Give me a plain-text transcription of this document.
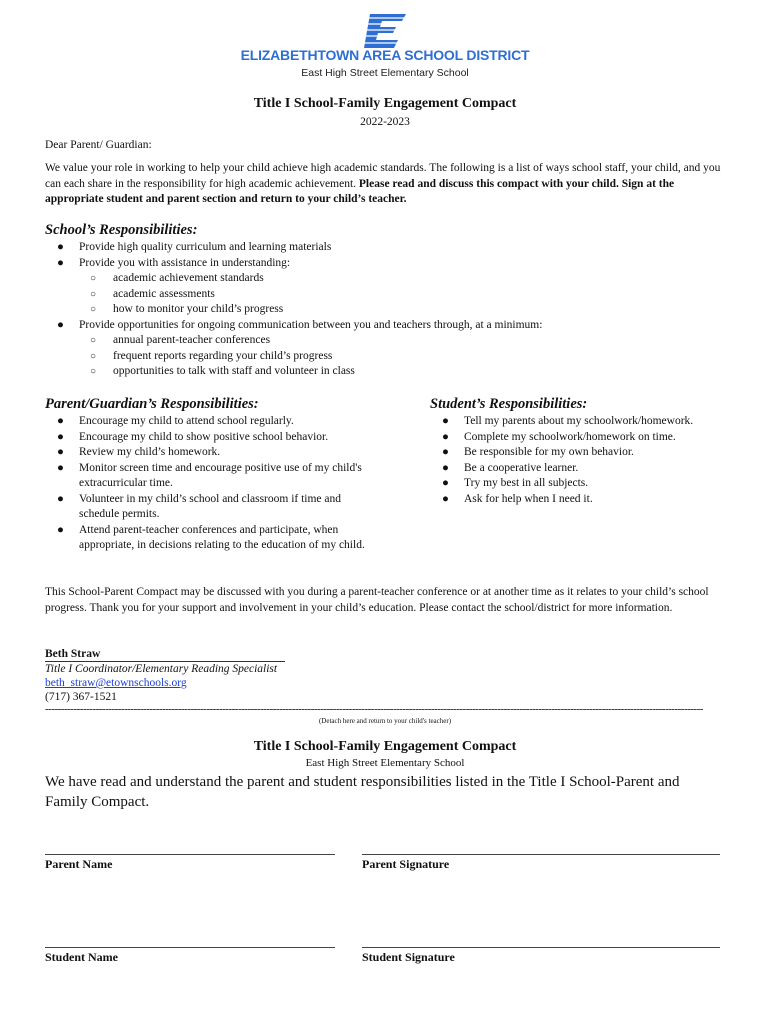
ELIZABETHTOWN AREA SCHOOL DISTRICT
East High Street Elementary School
Title I School-Family Engagement Compact
2022-2023
Dear Parent/ Guardian:
We value your role in working to help your child achieve high academic standards. The following is a list of ways school staff, your child, and you can each share in the responsibility for high academic achievement. Please read and discuss this compact with your child. Sign at the appropriate student and parent section and return to your child’s teacher.
School’s Responsibilities:
● Provide high quality curriculum and learning materials
● Provide you with assistance in understanding:
○ academic achievement standards
○ academic assessments
○ how to monitor your child’s progress
● Provide opportunities for ongoing communication between you and teachers through, at a minimum:
○ annual parent-teacher conferences
○ frequent reports regarding your child’s progress
○ opportunities to talk with staff and volunteer in class
Parent/Guardian’s Responsibilities:
● Encourage my child to attend school regularly.
● Encourage my child to show positive school behavior.
● Review my child’s homework.
● Monitor screen time and encourage positive use of my child's extracurricular time.
● Volunteer in my child’s school and classroom if time and schedule permits.
● Attend parent-teacher conferences and participate, when appropriate, in decisions relating to the education of my child.
Student’s Responsibilities:
● Tell my parents about my schoolwork/homework.
● Complete my schoolwork/homework on time.
● Be responsible for my own behavior.
● Be a cooperative learner.
● Try my best in all subjects.
● Ask for help when I need it.
This School-Parent Compact may be discussed with you during a parent-teacher conference or at another time as it relates to your child’s school progress. Thank you for your support and involvement in your child’s education. Please contact the school/district for more information.
Beth Straw
Title I Coordinator/Elementary Reading Specialist
beth_straw@etownschools.org
(717) 367-1521
----------------------------------------------------------------------------------------------------------------------------------------------------------------------------------------------------------------
(Detach here and return to your child's teacher)
Title I School-Family Engagement Compact
East High Street Elementary School
We have read and understand the parent and student responsibilities listed in the Title I School-Parent and Family Compact.
Parent Name	Parent Signature
Student Name	Student Signature
